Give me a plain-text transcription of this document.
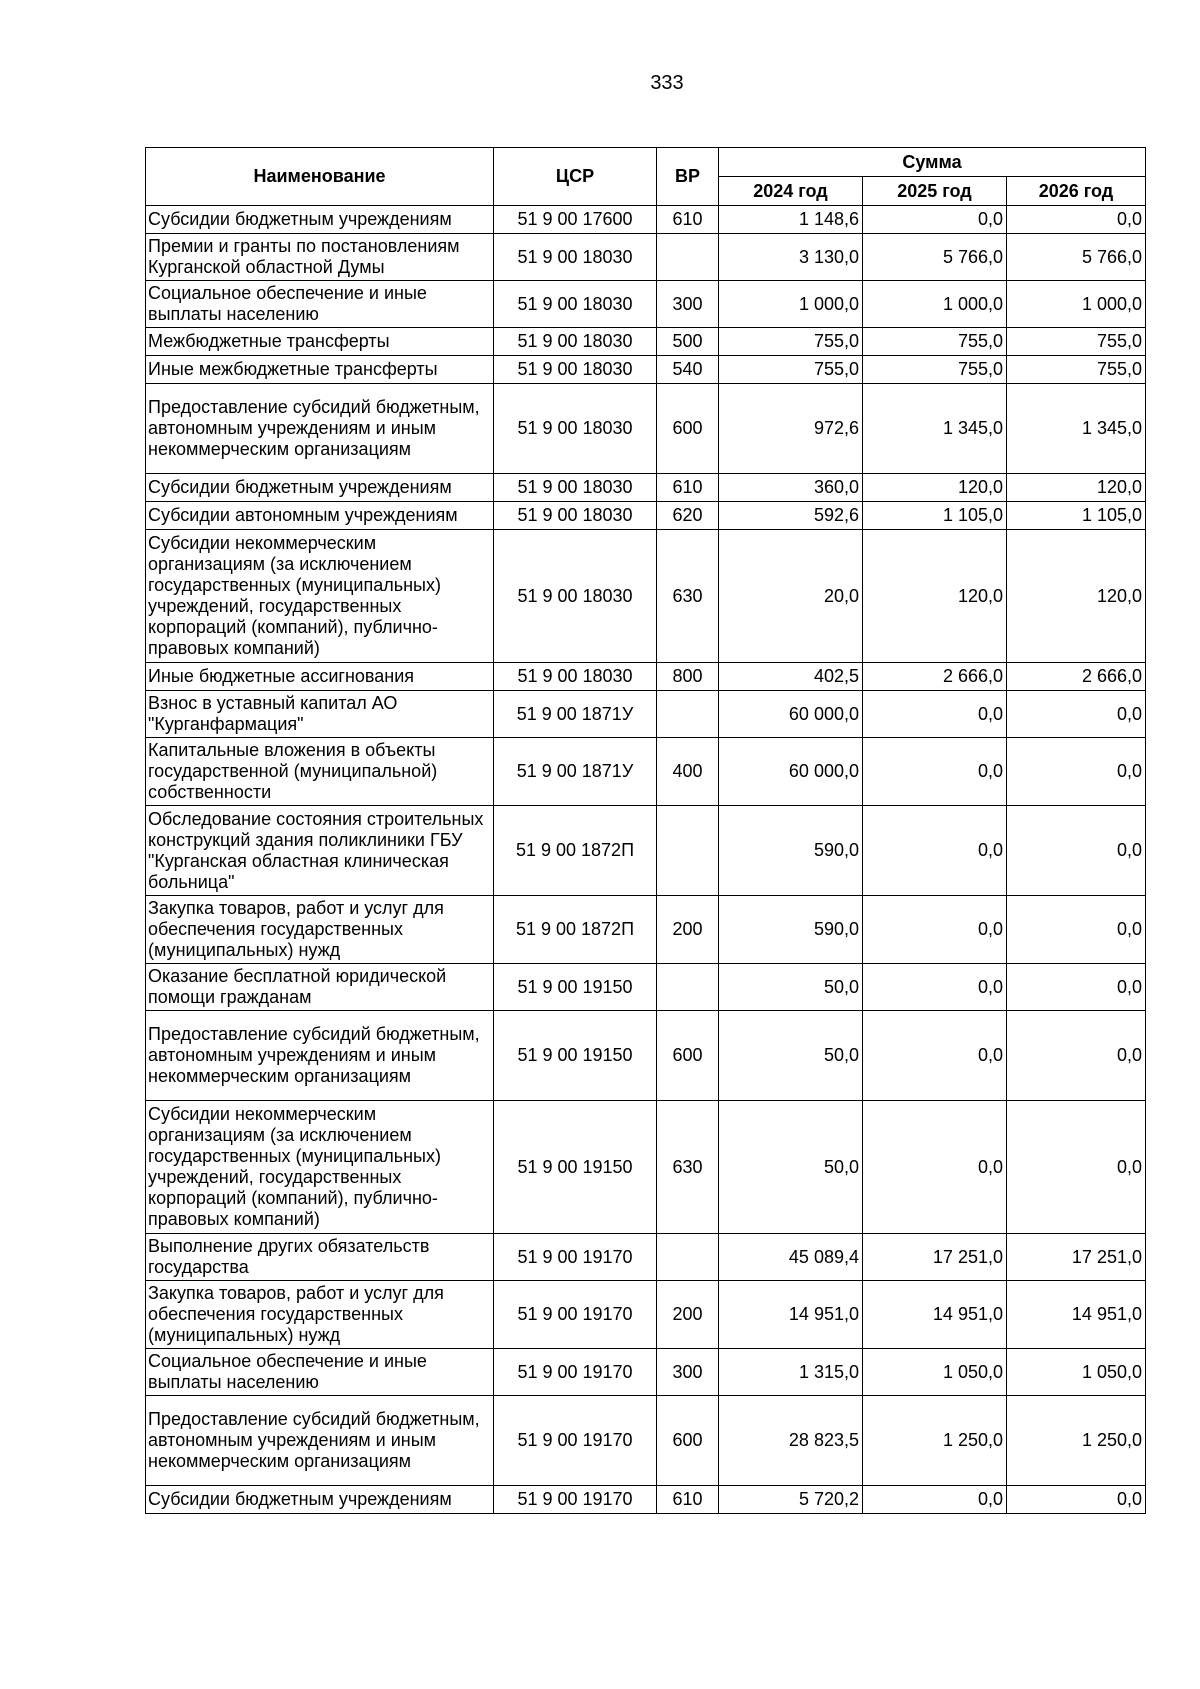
333
Наименование	ЦСР	ВР	Сумма		
			2024 год	2025 год	2026 год
Субсидии бюджетным учреждениям	51 9 00 17600	610	1 148,6	0,0	0,0
Премии и гранты по постановлениям Курганской областной Думы	51 9 00 18030		3 130,0	5 766,0	5 766,0
Социальное обеспечение и иные выплаты населению	51 9 00 18030	300	1 000,0	1 000,0	1 000,0
Межбюджетные трансферты	51 9 00 18030	500	755,0	755,0	755,0
Иные межбюджетные трансферты	51 9 00 18030	540	755,0	755,0	755,0
Предоставление субсидий бюджетным, автономным учреждениям и иным некоммерческим организациям	51 9 00 18030	600	972,6	1 345,0	1 345,0
Субсидии бюджетным учреждениям	51 9 00 18030	610	360,0	120,0	120,0
Субсидии автономным учреждениям	51 9 00 18030	620	592,6	1 105,0	1 105,0
Субсидии некоммерческим организациям (за исключением государственных (муниципальных) учреждений, государственных корпораций (компаний), публично-правовых компаний)	51 9 00 18030	630	20,0	120,0	120,0
Иные бюджетные ассигнования	51 9 00 18030	800	402,5	2 666,0	2 666,0
Взнос в уставный капитал АО "Курганфармация"	51 9 00 1871У		60 000,0	0,0	0,0
Капитальные вложения в объекты государственной (муниципальной) собственности	51 9 00 1871У	400	60 000,0	0,0	0,0
Обследование состояния строительных конструкций здания поликлиники ГБУ "Курганская областная клиническая больница"	51 9 00 1872П		590,0	0,0	0,0
Закупка товаров, работ и услуг для обеспечения государственных (муниципальных) нужд	51 9 00 1872П	200	590,0	0,0	0,0
Оказание бесплатной юридической помощи гражданам	51 9 00 19150		50,0	0,0	0,0
Предоставление субсидий бюджетным, автономным учреждениям и иным некоммерческим организациям	51 9 00 19150	600	50,0	0,0	0,0
Субсидии некоммерческим организациям (за исключением государственных (муниципальных) учреждений, государственных корпораций (компаний), публично-правовых компаний)	51 9 00 19150	630	50,0	0,0	0,0
Выполнение других обязательств государства	51 9 00 19170		45 089,4	17 251,0	17 251,0
Закупка товаров, работ и услуг для обеспечения государственных (муниципальных) нужд	51 9 00 19170	200	14 951,0	14 951,0	14 951,0
Социальное обеспечение и иные выплаты населению	51 9 00 19170	300	1 315,0	1 050,0	1 050,0
Предоставление субсидий бюджетным, автономным учреждениям и иным некоммерческим организациям	51 9 00 19170	600	28 823,5	1 250,0	1 250,0
Субсидии бюджетным учреждениям	51 9 00 19170	610	5 720,2	0,0	0,0
